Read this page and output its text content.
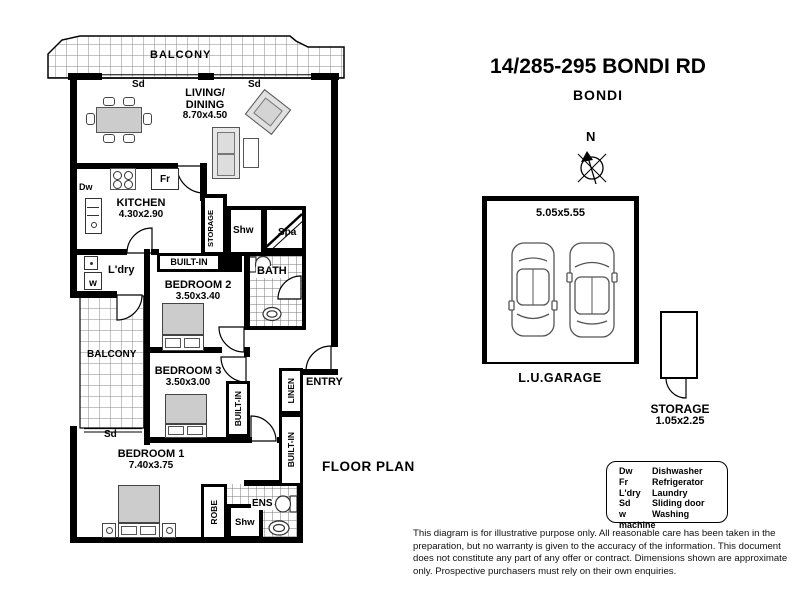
BUILT-IN
BUILT-IN
LINEN
BUILT-IN
ROBE Shw
Fr
Dw
w
BALCONY
Sd	Sd
Sd
LIVING/
DINING
8.70x4.50
KITCHEN
4.30x2.90
L'dry
STORAGE Shw Spa
BATH
BEDROOM 2
3.50x3.40
BALCONY
BEDROOM 3
3.50x3.00
BEDROOM 1
7.40x3.75
ENTRY
ENS
14/285-295 BONDI RD
BONDI
N
5.05x5.55
L.U.GARAGE
STORAGE
1.05x2.25
FLOOR PLAN	Dw Dishwasher
Fr	Refrigerator
L'dry Laundry
Sd Sliding door
w	Washing machine
This diagram is for illustrative purpose only. All reasonable care has been taken in the preparation, but no warranty is given to the accuracy of the information. This document does not constitute any part of any offer or contract. Dimensions shown are approximate only. Prospective purchasers must rely on their own enquiries.
